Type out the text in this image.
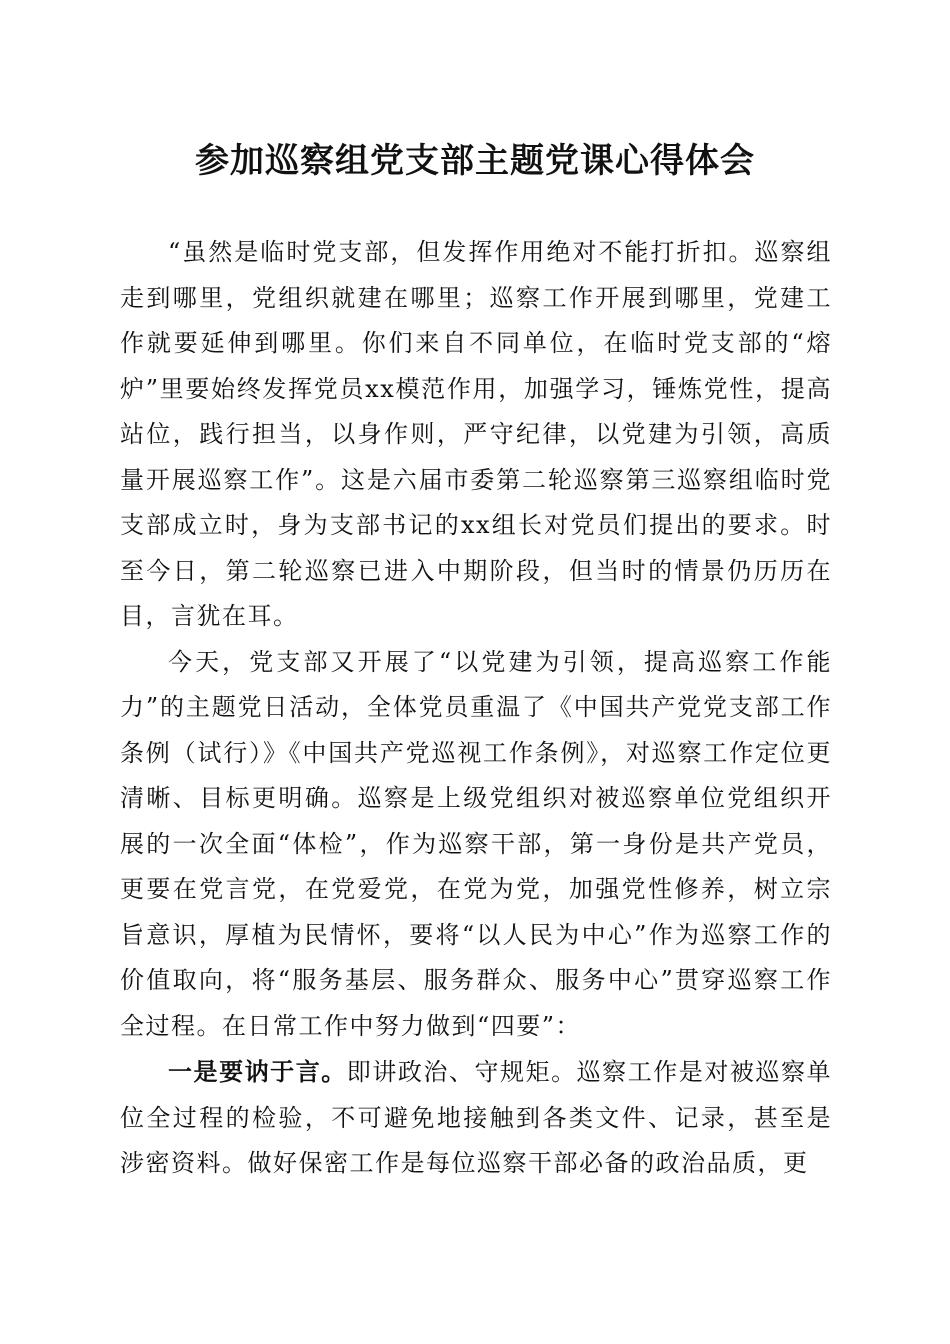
参加巡察组党支部主题党课心得体会

“虽然是临时党支部，但发挥作用绝对不能打折扣。巡察组走到哪里，党组织就建在哪里；巡察工作开展到哪里，党建工作就要延伸到哪里。你们来自不同单位，在临时党支部的“熔炉”里要始终发挥党员xx模范作用，加强学习，锤炼党性，提高站位，践行担当，以身作则，严守纪律，以党建为引领，高质量开展巡察工作”。这是六届市委第二轮巡察第三巡察组临时党支部成立时，身为支部书记的xx组长对党员们提出的要求。时至今日，第二轮巡察已进入中期阶段，但当时的情景仍历历在目，言犹在耳。

今天，党支部又开展了“以党建为引领，提高巡察工作能力”的主题党日活动，全体党员重温了《中国共产党党支部工作条例（试行）》《中国共产党巡视工作条例》，对巡察工作定位更清晰、目标更明确。巡察是上级党组织对被巡察单位党组织开展的一次全面“体检”，作为巡察干部，第一身份是共产党员，更要在党言党，在党爱党，在党为党，加强党性修养，树立宗旨意识，厚植为民情怀，要将“以人民为中心”作为巡察工作的价值取向，将“服务基层、服务群众、服务中心”贯穿巡察工作全过程。在日常工作中努力做到“四要”：

一是要讷于言。即讲政治、守规矩。巡察工作是对被巡察单位全过程的检验，不可避免地接触到各类文件、记录，甚至是涉密资料。做好保密工作是每位巡察干部必备的政治品质，更
